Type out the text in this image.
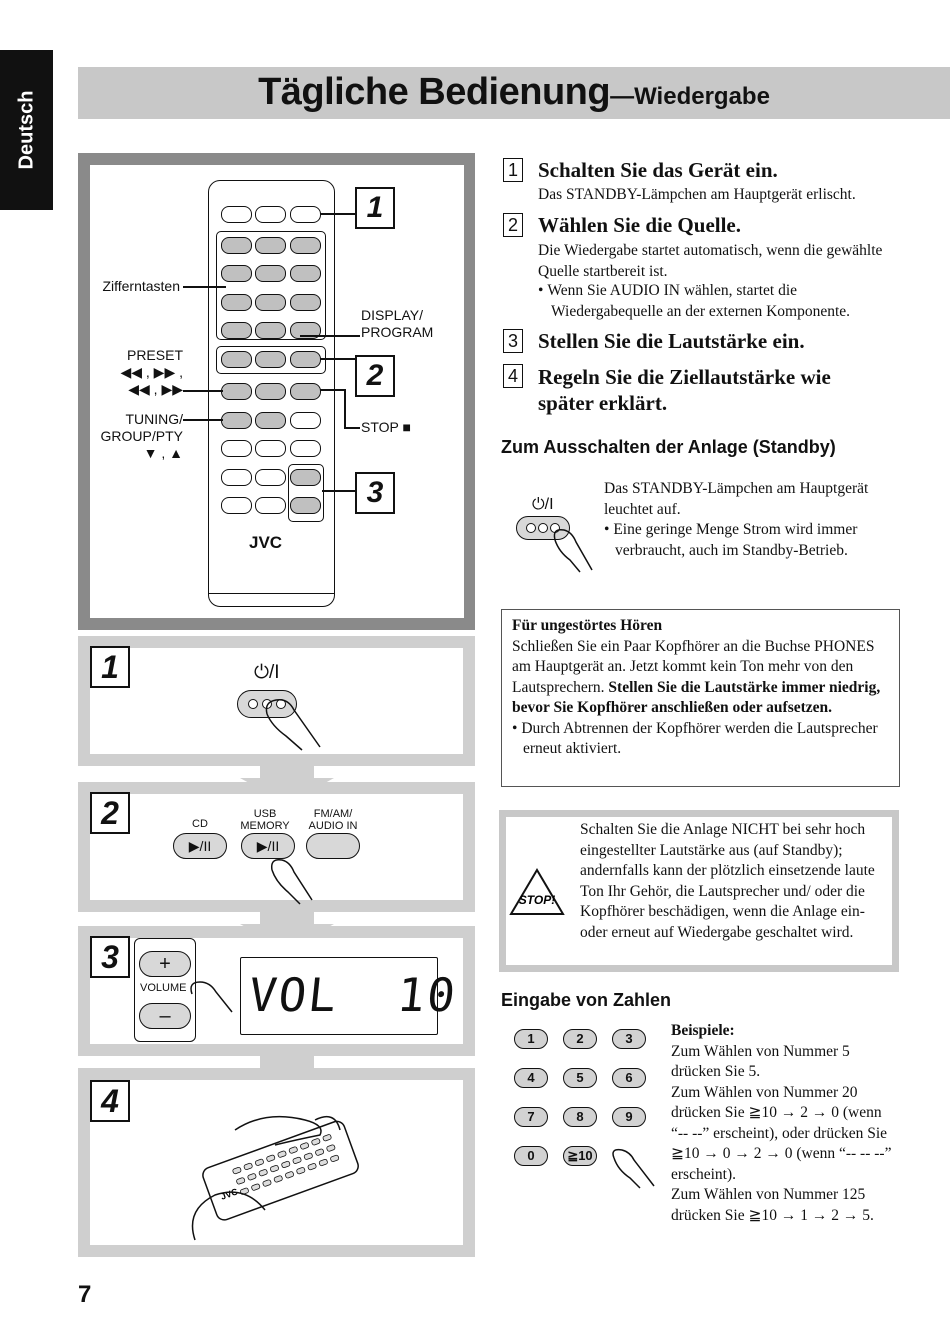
Deutsch	Tägliche Bedienung—Wiedergabe
JVC
Zifferntasten
DISPLAY/
PROGRAM
PRESET
◀◀ , ▶▶ ,
◀◀ , ▶▶
TUNING/
GROUP/PTY
▼ , ▲
STOP ■
1
2
3
1	⏻/I
2	CD
USB
MEMORY
FM/AM/
AUDIO IN
▶/II	▶/II
3	+
VOLUME
–	VOL  10
4
JVC
1 Schalten Sie das Gerät ein.
Das STANDBY-Lämpchen am Hauptgerät erlischt.
2 Wählen Sie die Quelle.
Die Wiedergabe startet automatisch, wenn die gewählte Quelle startbereit ist.
• Wenn Sie AUDIO IN wählen, startet die Wiedergabequelle an der externen Komponente.
3 Stellen Sie die Lautstärke ein.
4 Regeln Sie die Ziellautstärke wie später erklärt.
Zum Ausschalten der Anlage (Standby)
⏻/I
Das STANDBY-Lämpchen am Hauptgerät leuchtet auf.
• Eine geringe Menge Strom wird immer verbraucht, auch im Standby-Betrieb.
Für ungestörtes Hören
Schließen Sie ein Paar Kopfhörer an die Buchse PHONES am Hauptgerät an. Jetzt kommt kein Ton mehr von den Lautsprechern. Stellen Sie die Lautstärke immer niedrig, bevor Sie Kopfhörer anschließen oder aufsetzen.
• Durch Abtrennen der Kopfhörer werden die Lautsprecher erneut aktiviert.
STOP!
Schalten Sie die Anlage NICHT bei sehr hoch eingestellter Lautstärke aus (auf Standby); andernfalls kann der plötzlich einsetzende laute Ton Ihr Gehör, die Lautsprecher und/ oder die Kopfhörer beschädigen, wenn die Anlage ein- oder erneut auf Wiedergabe geschaltet wird.
Eingabe von Zahlen
1	2	3
4	5	6
7	8	9
0	≧10
Beispiele:
Zum Wählen von Nummer 5 drücken Sie 5.
Zum Wählen von Nummer 20 drücken Sie ≧10 → 2 → 0 (wenn “-- --” erscheint), oder drücken Sie ≧10 → 0 → 2 → 0 (wenn “-- -- --” erscheint).
Zum Wählen von Nummer 125 drücken Sie ≧10 → 1 → 2 → 5.
7
